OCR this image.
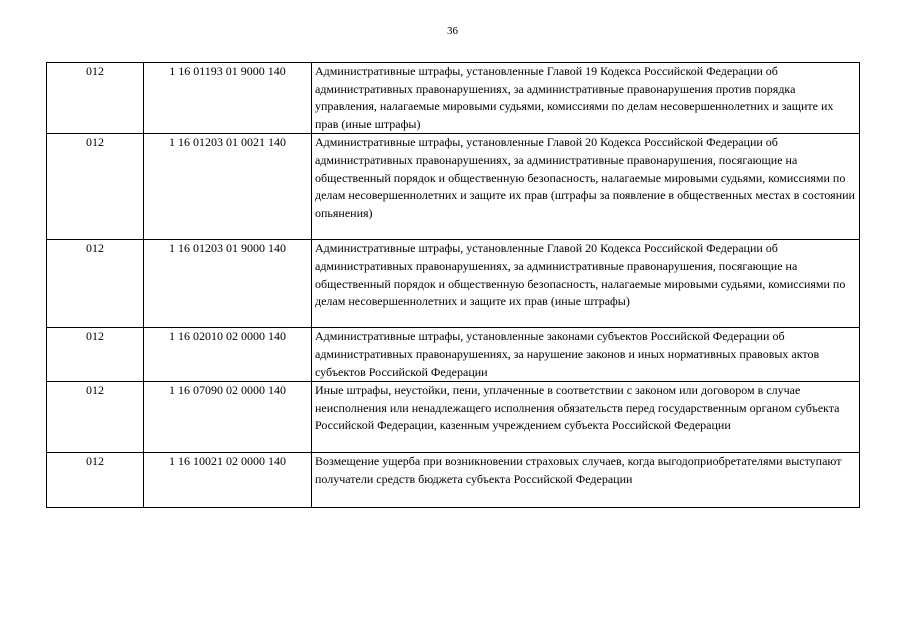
36
012	1 16 01193 01 9000 140	Административные штрафы, установленные Главой 19 Кодекса Российской Федерации об административных правонарушениях, за административные правонарушения против порядка управления, налагаемые мировыми судьями, комиссиями по делам несовершеннолетних и защите их прав (иные штрафы)
012	1 16 01203 01 0021 140	Административные штрафы, установленные Главой 20 Кодекса Российской Федерации об административных правонарушениях, за административные правонарушения, посягающие на общественный порядок и общественную безопасность, налагаемые мировыми судьями, комиссиями по делам несовершеннолетних и защите их прав (штрафы за появление в общественных местах в состоянии опьянения)
012	1 16 01203 01 9000 140	Административные штрафы, установленные Главой 20 Кодекса Российской Федерации об административных правонарушениях, за административные правонарушения, посягающие на общественный порядок и общественную безопасность, налагаемые мировыми судьями, комиссиями по делам несовершеннолетних и защите их прав (иные штрафы)
012	1 16 02010 02 0000 140	Административные штрафы, установленные законами субъектов Российской Федерации об административных правонарушениях, за нарушение законов и иных нормативных правовых актов субъектов Российской Федерации
012	1 16 07090 02 0000 140	Иные штрафы, неустойки, пени, уплаченные в соответствии с законом или договором в случае неисполнения или ненадлежащего исполнения обязательств перед государственным органом субъекта Российской Федерации, казенным учреждением субъекта Российской Федерации
012	1 16 10021 02 0000 140	Возмещение ущерба при возникновении страховых случаев, когда выгодоприобретателями выступают получатели средств бюджета субъекта Российской Федерации
